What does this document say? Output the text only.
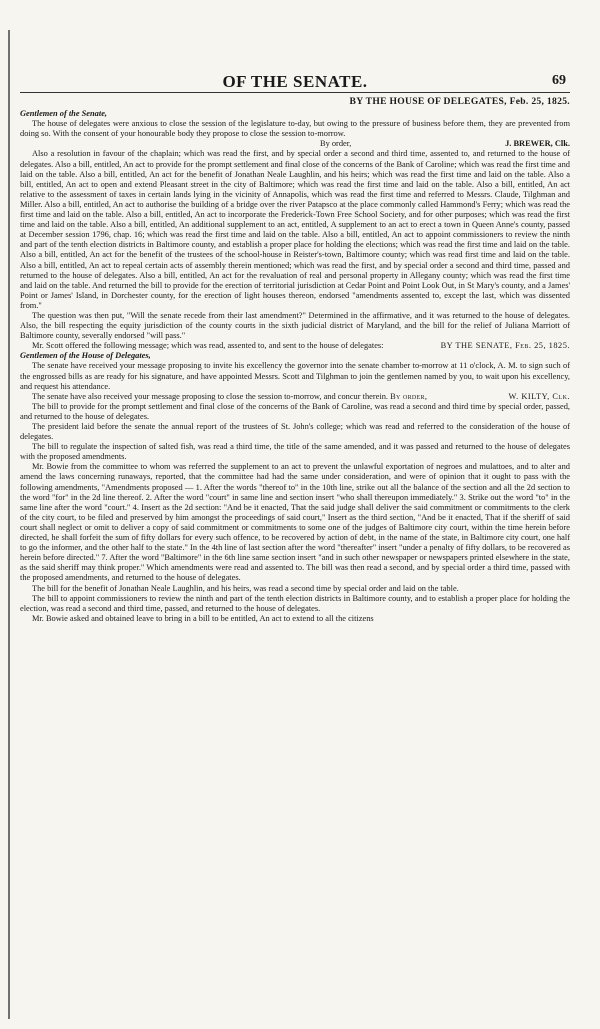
OF THE SENATE.	69

BY THE HOUSE OF DELEGATES, Feb. 25, 1825.

Gentlemen of the Senate,

The house of delegates were anxious to close the session of the legislature to-day, but owing to the pressure of business before them, they are prevented from doing so. With the consent of your honourable body they propose to close the session to-morrow.

By order,	J. BREWER, Clk.

Also a resolution in favour of the chaplain; which was read the first, and by special order a second and third time, assented to, and returned to the house of delegates. Also a bill, entitled, An act to provide for the prompt settlement and final close of the concerns of the Bank of Caroline; which was read the first time and laid on the table. Also a bill, entitled, An act for the benefit of Jonathan Neale Laughlin, and his heirs; which was read the first time and laid on the table. Also a bill, entitled, An act to open and extend Pleasant street in the city of Baltimore; which was read the first time and laid on the table. Also a bill, entitled, An act relative to the assessment of taxes in certain lands lying in the vicinity of Annapolis, which was read the first time and referred to Messrs. Claude, Tilghman and Miller. Also a bill, entitled, An act to authorise the building of a bridge over the river Patapsco at the place commonly called Hammond's Ferry; which was read the first time and laid on the table. Also a bill, entitled, An act to incorporate the Frederick-Town Free School Society, and for other purposes; which was read the first time and laid on the table. Also a bill, entitled, An additional supplement to an act, entitled, A supplement to an act to erect a town in Queen Anne's county, passed at December session 1796, chap. 16; which was read the first time and laid on the table. Also a bill, entitled, An act to appoint commissioners to review the ninth and part of the tenth election districts in Baltimore county, and establish a proper place for holding the elections; which was read the first time and laid on the table. Also a bill, entitled, An act for the benefit of the trustees of the school-house in Reister's-town, Baltimore county; which was read first time and laid on the table. Also a bill, entitled, An act to repeal certain acts of assembly therein mentioned; which was read the first, and by special order a second and third time, passed and returned to the house of delegates. Also a bill, entitled, An act for the revaluation of real and personal property in Allegany county; which was read the first time and laid on the table. And returned the bill to provide for the erection of territorial jurisdiction at Cedar Point and Point Look Out, in St Mary's county, and a James' Point or James' Island, in Dorchester county, for the erection of light houses thereon, endorsed "amendments assented to, except the last, which was dissented from."

The question was then put, "Will the senate recede from their last amendment?" Determined in the affirmative, and it was returned to the house of delegates. Also, the bill respecting the equity jurisdiction of the county courts in the sixth judicial district of Maryland, and the bill for the relief of Juliana Marriott of Baltimore county, severally endorsed "will pass."

Mr. Scott offered the following message; which was read, assented to, and sent to the house of delegates:	BY THE SENATE, Feb. 25, 1825.

Gentlemen of the House of Delegates,

The senate have received your message proposing to invite his excellency the governor into the senate chamber to-morrow at 11 o'clock, A. M. to sign such of the engrossed bills as are ready for his signature, and have appointed Messrs. Scott and Tilghman to join the gentlemen named by you, to wait upon his excellency, and request his attendance.

The senate have also received your message proposing to close the session to-morrow, and concur therein. By order,	W. KILTY, Clk.

The bill to provide for the prompt settlement and final close of the concerns of the Bank of Caroline, was read a second and third time by special order, passed, and returned to the house of delegates.

The president laid before the senate the annual report of the trustees of St. John's college; which was read and referred to the consideration of the house of delegates.

The bill to regulate the inspection of salted fish, was read a third time, the title of the same amended, and it was passed and returned to the house of delegates with the proposed amendments.

Mr. Bowie from the committee to whom was referred the supplement to an act to prevent the unlawful exportation of negroes and mulattoes, and to alter and amend the laws concerning runaways, reported, that the committee had had the same under consideration, and were of opinion that it ought to pass with the following amendments, "Amendments proposed — 1. After the words "thereof to" in the 10th line, strike out all the balance of the section and all the 2d section to the word "for" in the 2d line thereof. 2. After the word "court" in same line and section insert "who shall thereupon immediately." 3. Strike out the word "to" in the same line after the word "court." 4. Insert as the 2d section: "And be it enacted, That the said judge shall deliver the said commitment or commitments to the clerk of the city court, to be filed and preserved by him amongst the proceedings of said court," Insert as the third section, "And be it enacted, That if the sheriff of said court shall neglect or omit to deliver a copy of said commitment or commitments to some one of the judges of Baltimore city court, within the time herein before directed, he shall forfeit the sum of fifty dollars for every such offence, to be recovered by action of debt, in the name of the state, in Baltimore city court, one half to go the informer, and the other half to the state." In the 4th line of last section after the word "thereafter" insert "under a penalty of fifty dollars, to be recovered as herein before directed." 7. After the word "Baltimore" in the 6th line same section insert "and in such other newspaper or newspapers printed elsewhere in the state, as the said sheriff may think proper." Which amendments were read and assented to. The bill was then read a second, and by special order a third time, passed with the proposed amendments, and returned to the house of delegates.

The bill for the benefit of Jonathan Neale Laughlin, and his heirs, was read a second time by special order and laid on the table.

The bill to appoint commissioners to review the ninth and part of the tenth election districts in Baltimore county, and to establish a proper place for holding the election, was read a second and third time, passed, and returned to the house of delegates.

Mr. Bowie asked and obtained leave to bring in a bill to be entitled, An act to extend to all the citizens
